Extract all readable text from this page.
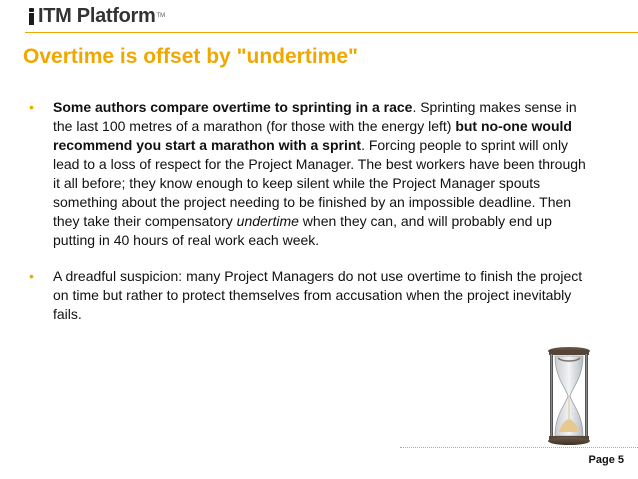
ITM Platform TM
Overtime is offset by "undertime"
• Some authors compare overtime to sprinting in a race. Sprinting makes sense in the last 100 metres of a marathon (for those with the energy left) but no-one would recommend you start a marathon with a sprint. Forcing people to sprint will only lead to a loss of respect for the Project Manager. The best workers have been through it all before; they know enough to keep silent while the Project Manager spouts something about the project needing to be finished by an impossible deadline. Then they take their compensatory undertime when they can, and will probably end up putting in 40 hours of real work each week.
• A dreadful suspicion: many Project Managers do not use overtime to finish the project on time but rather to protect themselves from accusation when the project inevitably fails.
Page 5
